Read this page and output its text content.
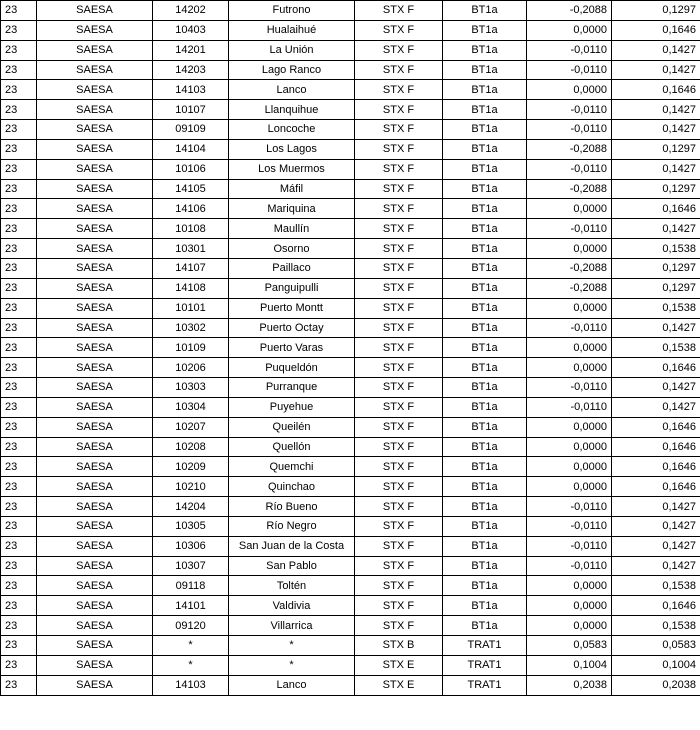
23	SAESA	14202	Futrono	STX F	BT1a	-0,2088	0,1297
23	SAESA	10403	Hualaihué	STX F	BT1a	0,0000	0,1646
23	SAESA	14201	La Unión	STX F	BT1a	-0,0110	0,1427
23	SAESA	14203	Lago Ranco	STX F	BT1a	-0,0110	0,1427
23	SAESA	14103	Lanco	STX F	BT1a	0,0000	0,1646
23	SAESA	10107	Llanquihue	STX F	BT1a	-0,0110	0,1427
23	SAESA	09109	Loncoche	STX F	BT1a	-0,0110	0,1427
23	SAESA	14104	Los Lagos	STX F	BT1a	-0,2088	0,1297
23	SAESA	10106	Los Muermos	STX F	BT1a	-0,0110	0,1427
23	SAESA	14105	Máfil	STX F	BT1a	-0,2088	0,1297
23	SAESA	14106	Mariquina	STX F	BT1a	0,0000	0,1646
23	SAESA	10108	Maullín	STX F	BT1a	-0,0110	0,1427
23	SAESA	10301	Osorno	STX F	BT1a	0,0000	0,1538
23	SAESA	14107	Paillaco	STX F	BT1a	-0,2088	0,1297
23	SAESA	14108	Panguipulli	STX F	BT1a	-0,2088	0,1297
23	SAESA	10101	Puerto Montt	STX F	BT1a	0,0000	0,1538
23	SAESA	10302	Puerto Octay	STX F	BT1a	-0,0110	0,1427
23	SAESA	10109	Puerto Varas	STX F	BT1a	0,0000	0,1538
23	SAESA	10206	Puqueldón	STX F	BT1a	0,0000	0,1646
23	SAESA	10303	Purranque	STX F	BT1a	-0,0110	0,1427
23	SAESA	10304	Puyehue	STX F	BT1a	-0,0110	0,1427
23	SAESA	10207	Queilén	STX F	BT1a	0,0000	0,1646
23	SAESA	10208	Quellón	STX F	BT1a	0,0000	0,1646
23	SAESA	10209	Quemchi	STX F	BT1a	0,0000	0,1646
23	SAESA	10210	Quinchao	STX F	BT1a	0,0000	0,1646
23	SAESA	14204	Río Bueno	STX F	BT1a	-0,0110	0,1427
23	SAESA	10305	Río Negro	STX F	BT1a	-0,0110	0,1427
23	SAESA	10306	San Juan de la Costa	STX F	BT1a	-0,0110	0,1427
23	SAESA	10307	San Pablo	STX F	BT1a	-0,0110	0,1427
23	SAESA	09118	Toltén	STX F	BT1a	0,0000	0,1538
23	SAESA	14101	Valdivia	STX F	BT1a	0,0000	0,1646
23	SAESA	09120	Villarrica	STX F	BT1a	0,0000	0,1538
23	SAESA	*	*	STX B	TRAT1	0,0583	0,0583
23	SAESA	*	*	STX E	TRAT1	0,1004	0,1004
23	SAESA	14103	Lanco	STX E	TRAT1	0,2038	0,2038
